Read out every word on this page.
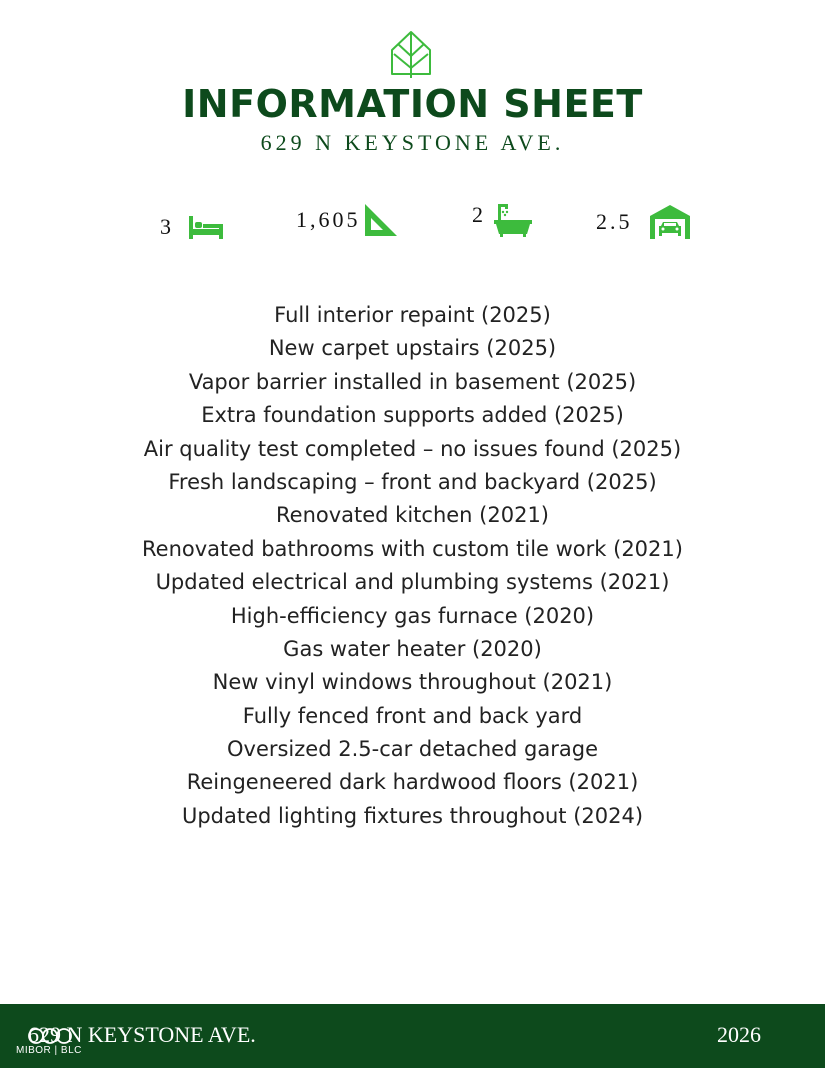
INFORMATION SHEET
629 N KEYSTONE AVE.
3	1,605	2	2.5
Full interior repaint (2025)
New carpet upstairs (2025)
Vapor barrier installed in basement (2025)
Extra foundation supports added (2025)
Air quality test completed – no issues found (2025)
Fresh landscaping – front and backyard (2025)
Renovated kitchen (2021)
Renovated bathrooms with custom tile work (2021)
Updated electrical and plumbing systems (2021)
High-efficiency gas furnace (2020)
Gas water heater (2020)
New vinyl windows throughout (2021)
Fully fenced front and back yard
Oversized 2.5-car detached garage
Reingeneered dark hardwood floors (2021)
Updated lighting fixtures throughout (2024)
629 N KEYSTONE AVE.
MIBOR | BLC
2026
